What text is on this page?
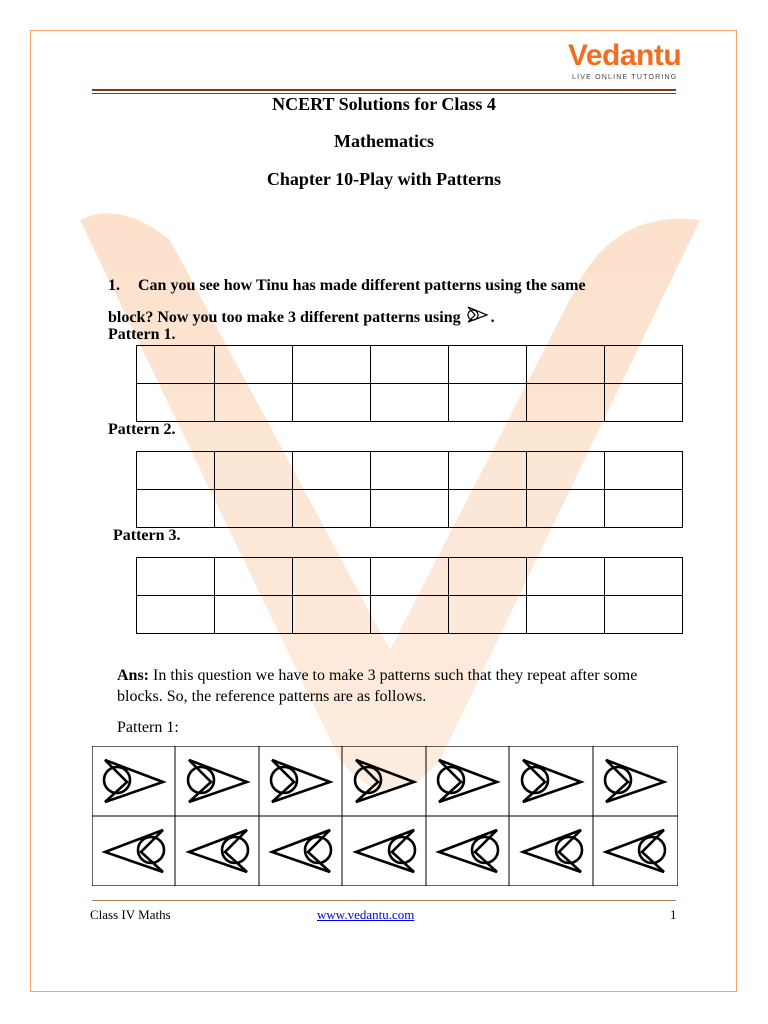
Vedantu
LIVE ONLINE TUTORING
NCERT Solutions for Class 4
Mathematics
Chapter 10-Play with Patterns
1. Can you see how Tinu has made different patterns using the same
block? Now you too make 3 different patterns using .
Pattern 1.

Pattern 2.

Pattern 3.

Ans: In this question we have to make 3 patterns such that they repeat after some blocks. So, the reference patterns are as follows.
Pattern 1:
Class IV Maths	www.vedantu.com	1
